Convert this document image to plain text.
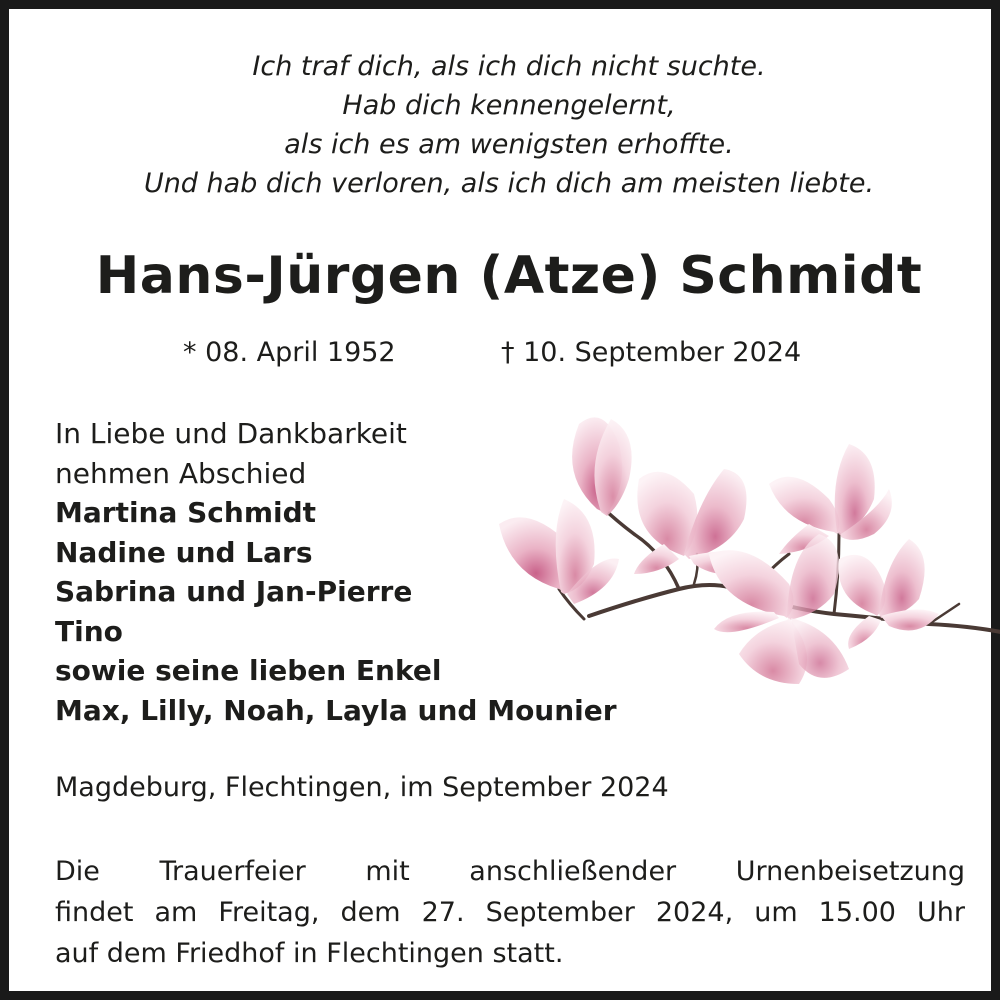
Ich traf dich, als ich dich nicht suchte.
Hab dich kennengelernt,
als ich es am wenigsten erhoffte.
Und hab dich verloren, als ich dich am meisten liebte.
Hans-Jürgen (Atze) Schmidt
* 08. April 1952	† 10. September 2024
In Liebe und Dankbarkeit
nehmen Abschied
Martina Schmidt
Nadine und Lars
Sabrina und Jan-Pierre
Tino
sowie seine lieben Enkel
Max, Lilly, Noah, Layla und Mounier
Magdeburg, Flechtingen, im September 2024
Die Trauerfeier mit anschließender Urnenbeisetzung
findet am Freitag, dem 27. September 2024, um 15.00 Uhr
auf dem Friedhof in Flechtingen statt.
